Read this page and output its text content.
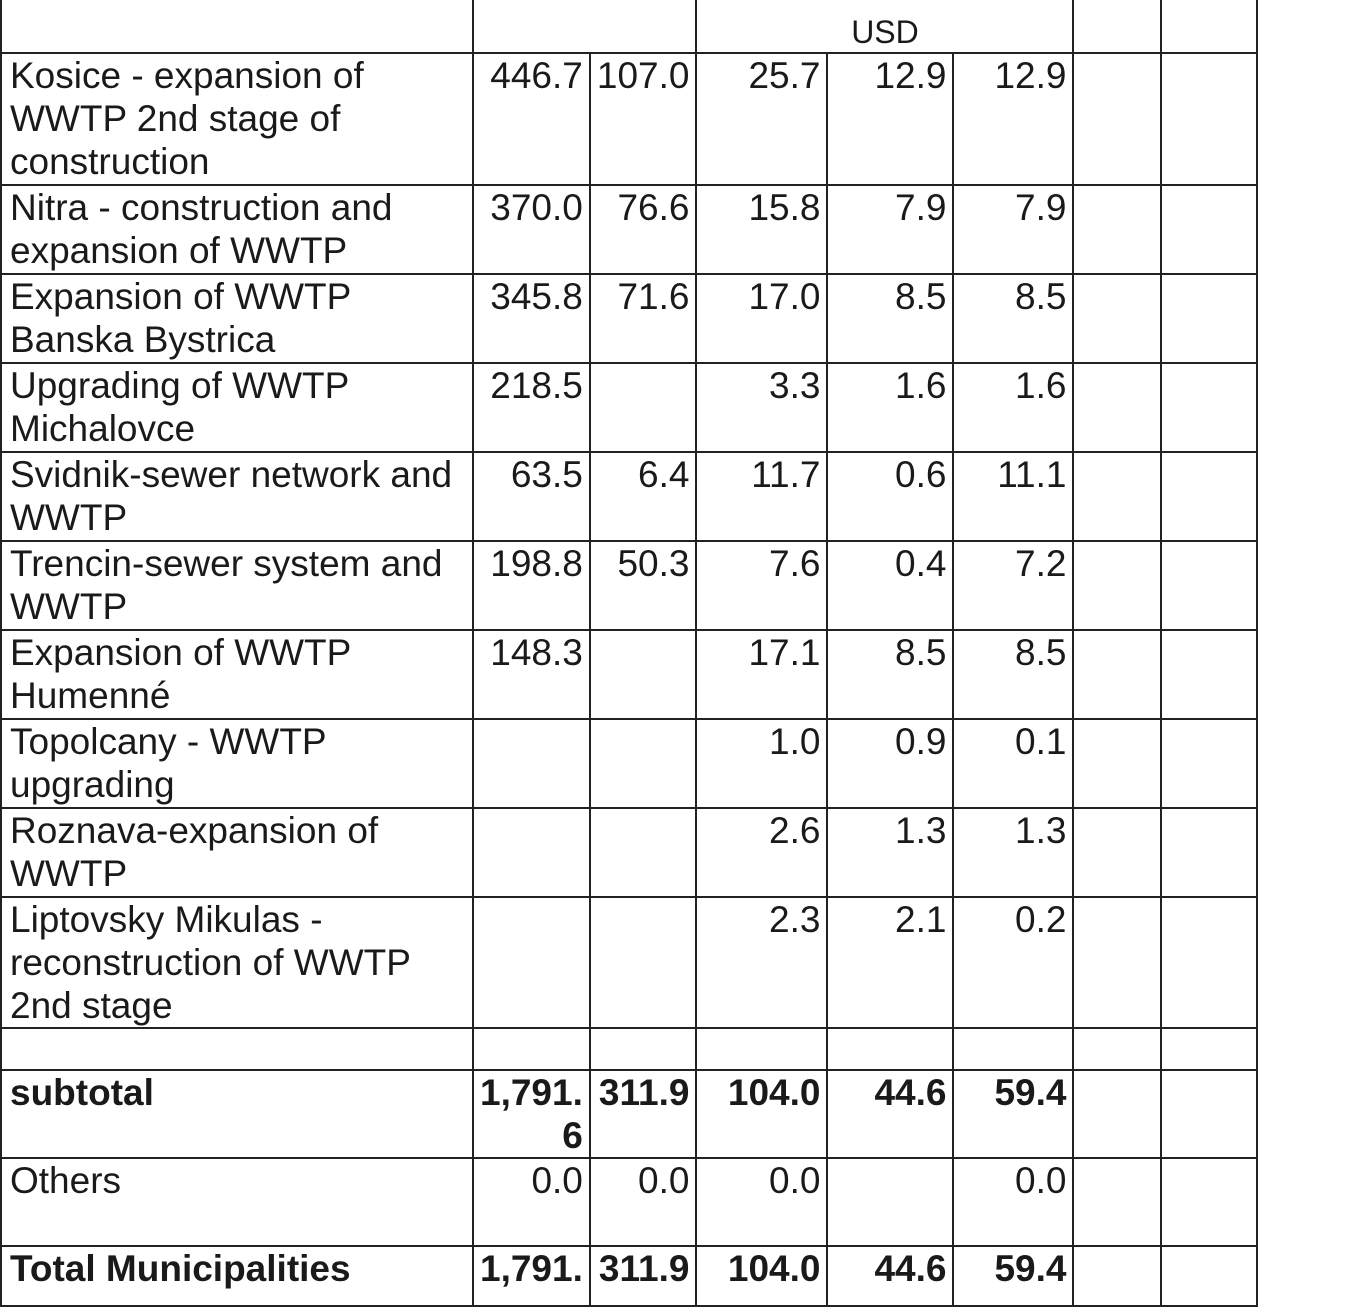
			USD				
Kosice - expansion of WWTP 2nd stage of construction	446.7	107.0	25.7	12.9	12.9		
Nitra - construction and expansion of WWTP	370.0	76.6	15.8	7.9	7.9		
Expansion of WWTP Banska Bystrica	345.8	71.6	17.0	8.5	8.5		
Upgrading of WWTP Michalovce	218.5		3.3	1.6	1.6		
Svidnik-sewer network and WWTP	63.5	6.4	11.7	0.6	11.1		
Trencin-sewer system and WWTP	198.8	50.3	7.6	0.4	7.2		
Expansion of WWTP Humenné	148.3		17.1	8.5	8.5		
Topolcany - WWTP upgrading			1.0	0.9	0.1		
Roznava-expansion of WWTP			2.6	1.3	1.3		
Liptovsky Mikulas - reconstruction of WWTP 2nd stage			2.3	2.1	0.2		

subtotal	1,791.6	311.9	104.0	44.6	59.4		
Others	0.0	0.0	0.0		0.0		
Total Municipalities	1,791.	311.9	104.0	44.6	59.4		
